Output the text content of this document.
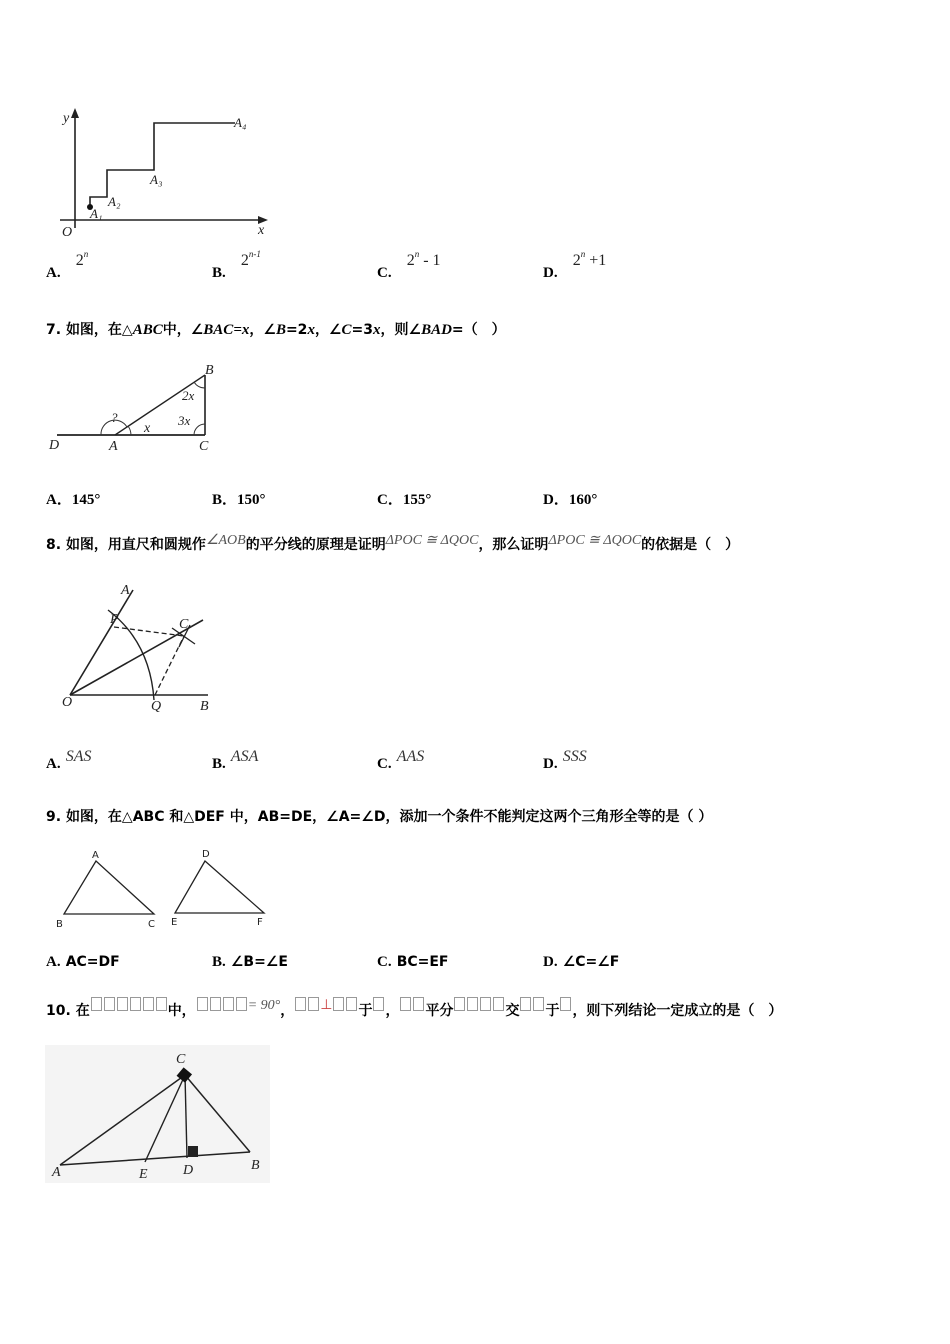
y
x
O
A₁
A₂
A₃
A₄
A. 2$^n$
B. 2$^{n-1}$
C. 2$^n$ - 1
D. $2^n +1$
7. 如图，在△ABC中，∠BAC=x，∠B=2x，∠C=3x，则∠BAD=（　）
D	A
B
C
?
x
2x
3x
A．145°	B．150°	C．155°	D．160°
8. 如图，用直尺和圆规作∠AOB的平分线的原理是证明ΔPOC ≅ ΔQOC，那么证明ΔPOC ≅ ΔQOC的依据是（　）
A
P	C
O	Q	B
A. SAS	B. ASA	C. AAS	D. SSS
9. 如图，在△ABC 和△DEF 中，AB=DE，∠A=∠D，添加一个条件不能判定这两个三角形全等的是（ ）
A
B	C
D
E	F
A. AC=DF	B. ∠B=∠E	C. BC=EF	D. ∠C=∠F
10. 在	中，	= 90°， ⊥ 于 ， 平分	交 于 ，则下列结论一定成立的是（　）
C
A	E	D	B
